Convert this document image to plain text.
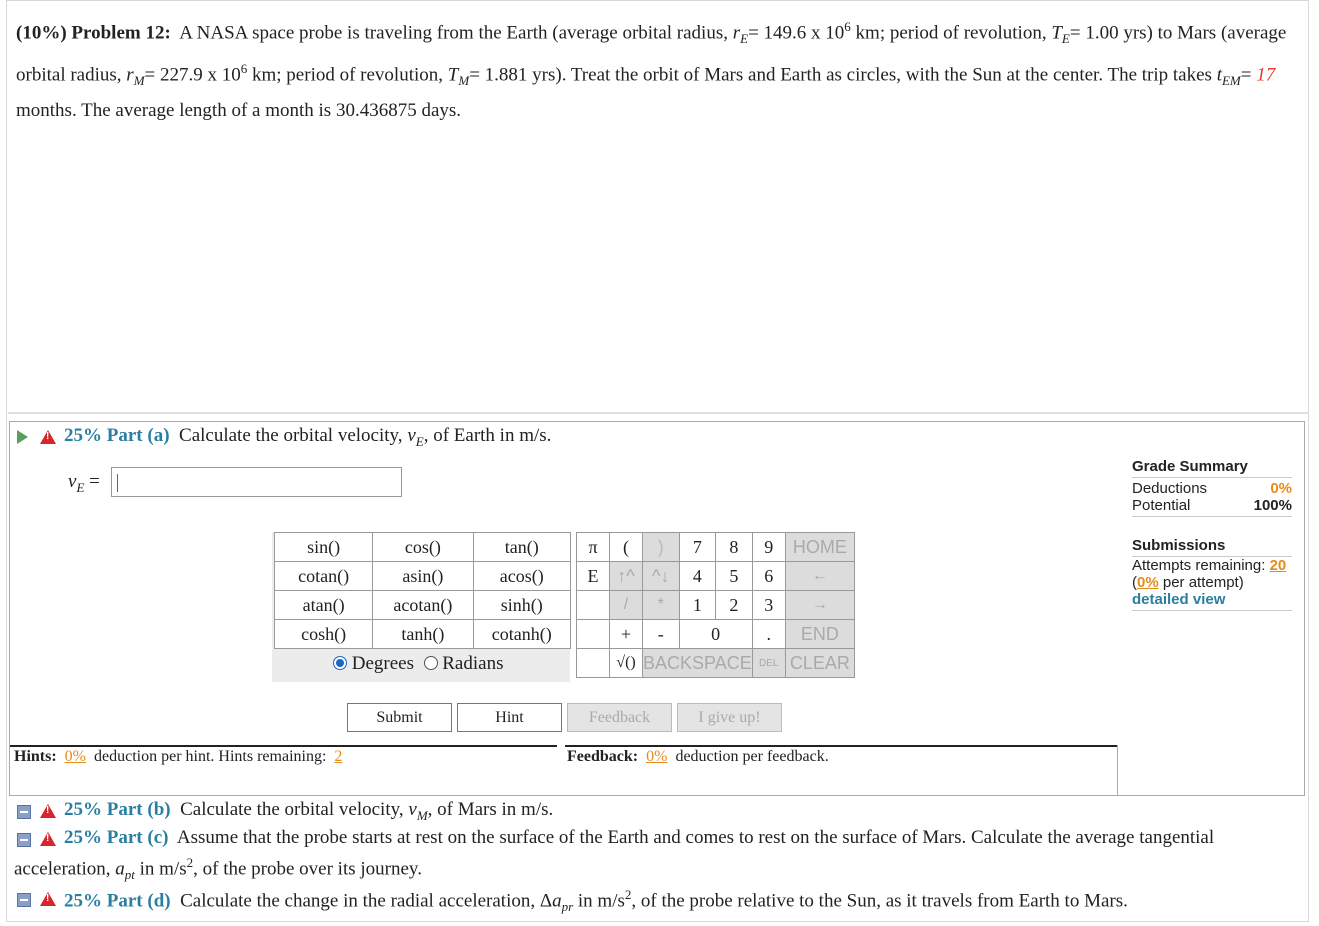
(10%) Problem 12: A NASA space probe is traveling from the Earth (average orbital radius, $r_E= 149.6$ x $10^6$ km; period of revolution, $T_E= 1.00$ yrs) to Mars (average orbital radius, $r_M= 227.9$ x $10^6$ km; period of revolution, $T_M= 1.881$ yrs). Treat the orbit of Mars and Earth as circles, with the Sun at the center. The trip takes $t_{EM}= 17$ months. The average length of a month is 30.436875 days.
!
25% Part (a) Calculate the orbital velocity, $v_E$, of Earth in m/s.
$v_E$ =
sin()	cos()	tan()
cotan()	asin()	acos()
atan()	acotan()	sinh()
cosh()	tanh()	cotanh()
Degrees Radians
π	(	)	7	8	9	HOME
E	↑^	^↓	4	5	6	←
	/	*	1	2	3	→
	+	-	0		.	END
	√()	BACKSPACE			DEL	CLEAR
Submit	Hint	Feedback	I give up!
Hints: 0% deduction per hint. Hints remaining: 2	Feedback: 0% deduction per feedback.
Grade Summary
Deductions	0%
Potential	100%
Submissions
Attempts remaining: 20
(0% per attempt)
detailed view
!
25% Part (b) Calculate the orbital velocity, $v_M$, of Mars in m/s.
!
25% Part (c) Assume that the probe starts at rest on the surface of the Earth and comes to rest on the surface of Mars. Calculate the average tangential
acceleration, $a_{pt}$ in $m/s^2$, of the probe over its journey.
!
25% Part (d) Calculate the change in the radial acceleration, $\Delta a_{pr}$ in $m/s^2$, of the probe relative to the Sun, as it travels from Earth to Mars.
